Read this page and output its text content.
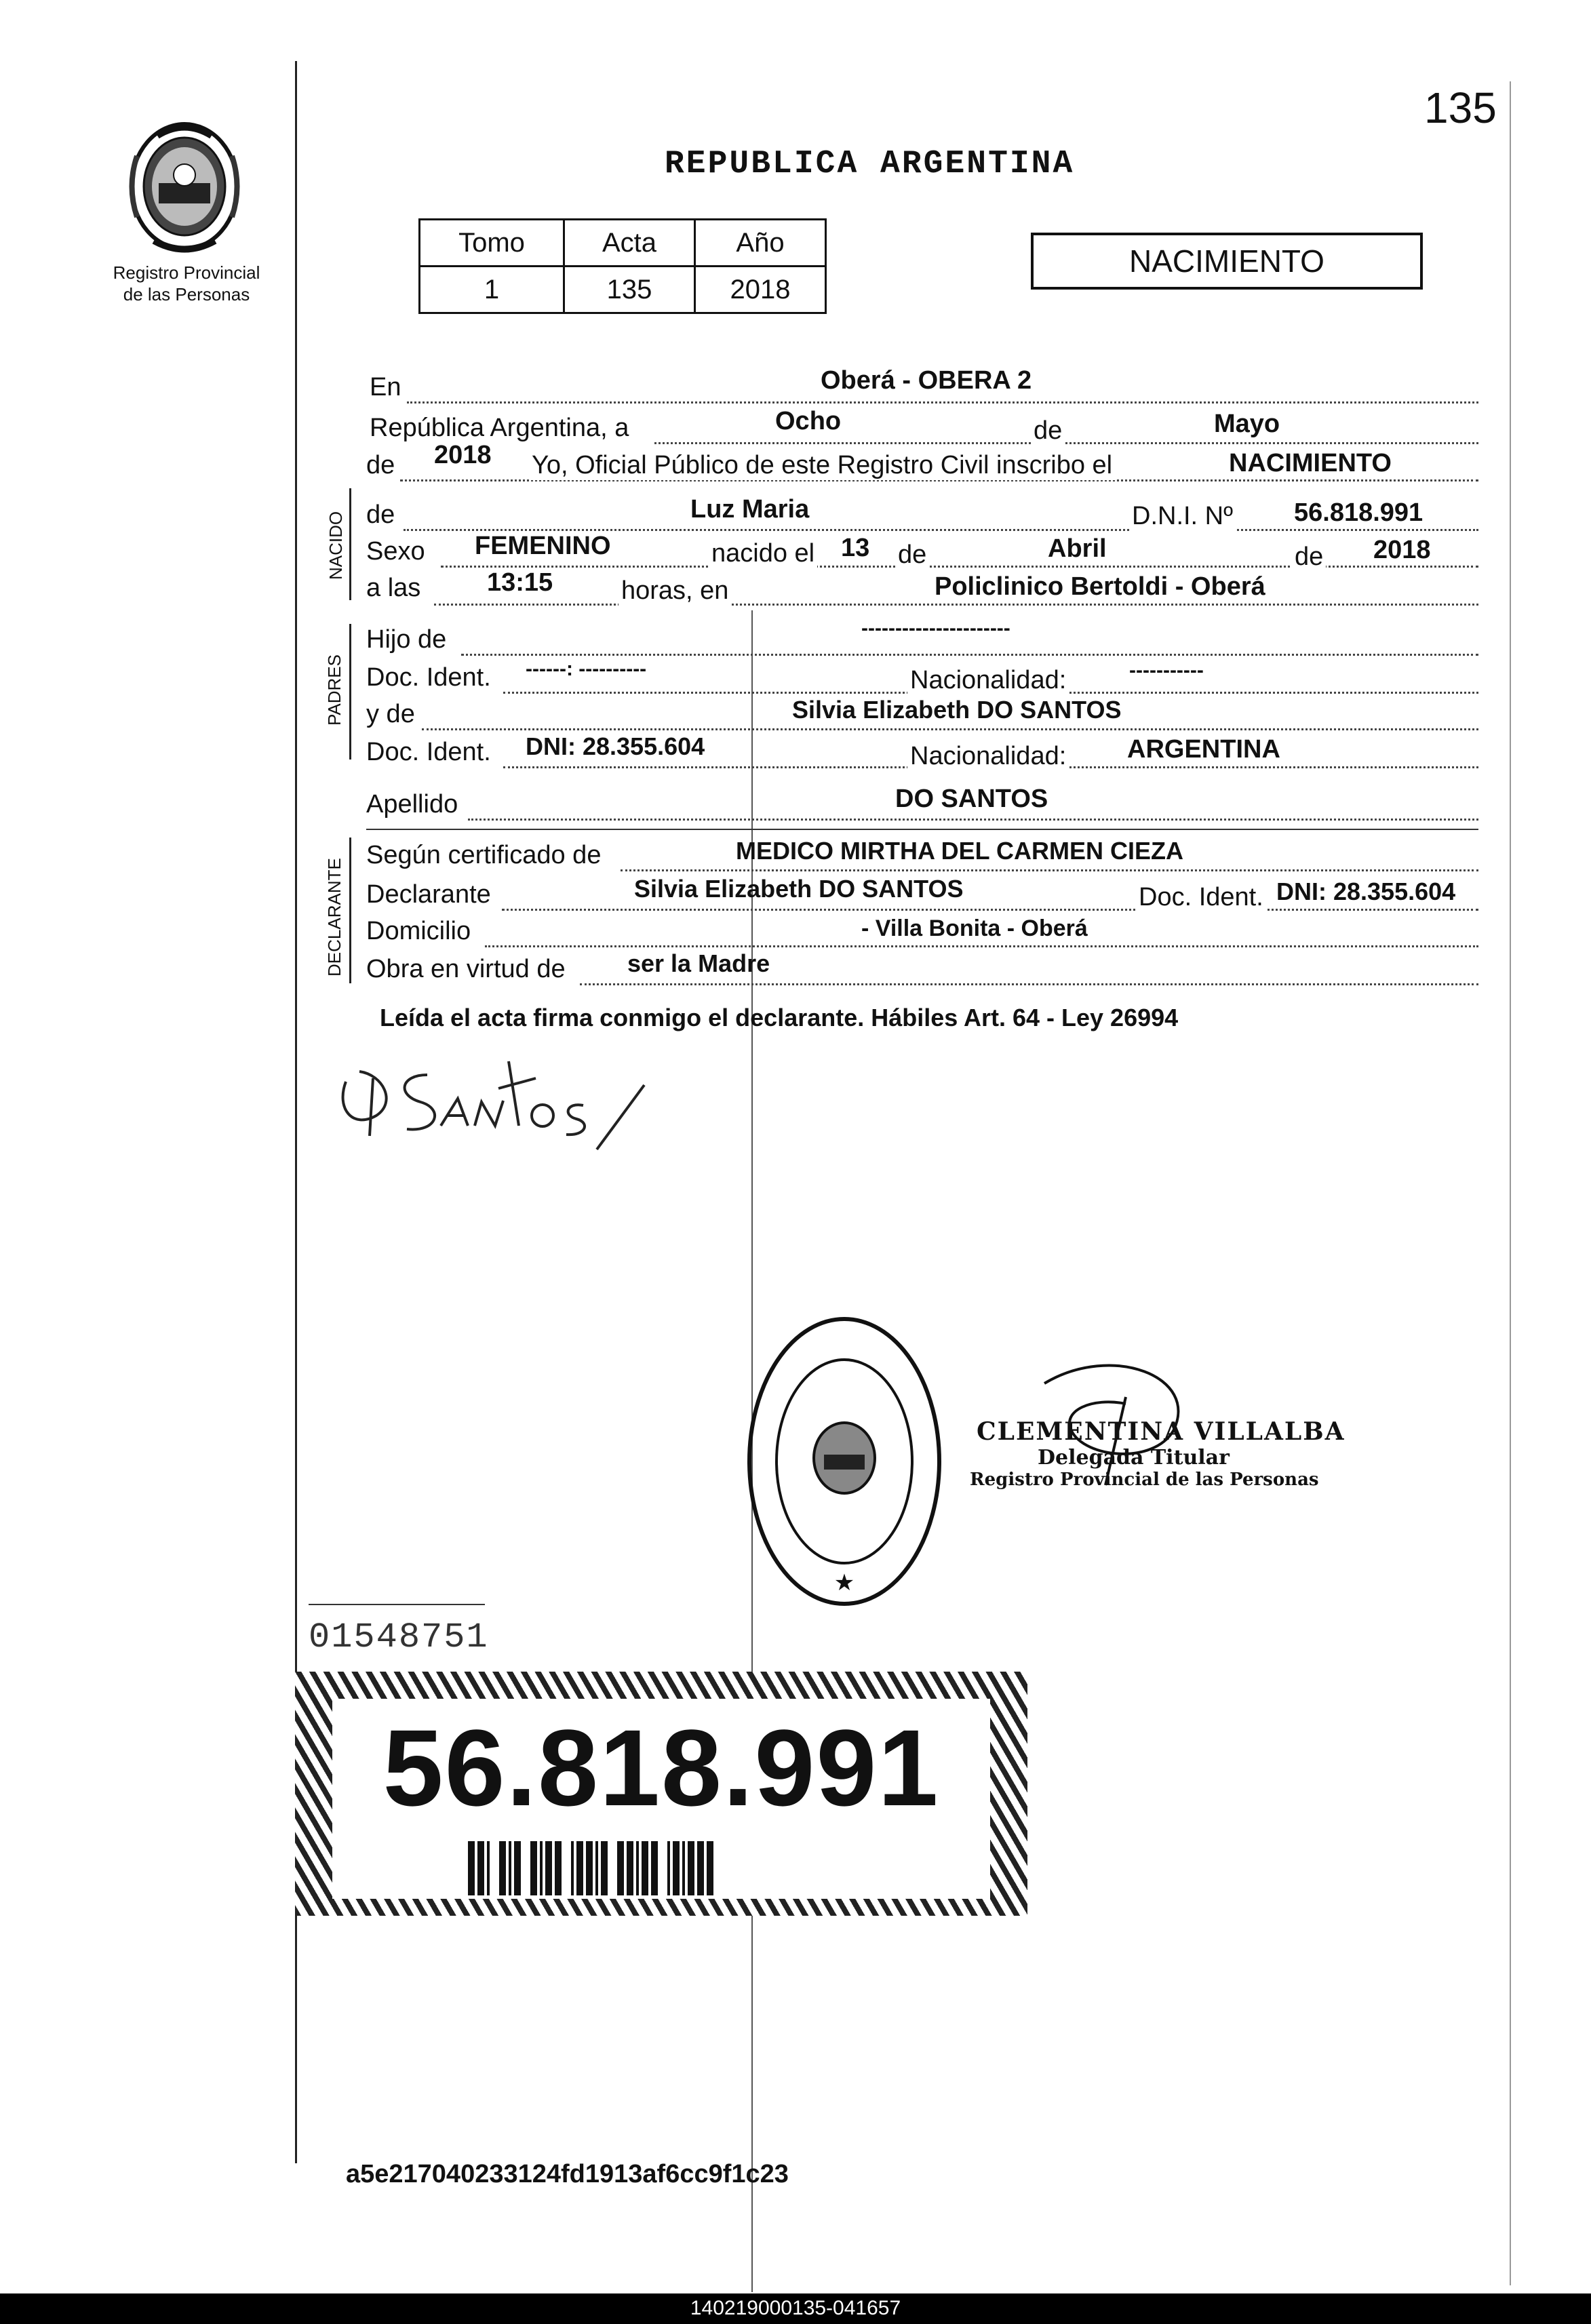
135
REPUBLICA ARGENTINA
Registro Provincial
de las Personas
Tomo	Acta	Año
1	135	2018
NACIMIENTO
En	Oberá - OBERA 2
República Argentina, a	Ocho	de	Mayo
de 2018 Yo, Oficial Público de este Registro Civil inscribo el	NACIMIENTO
NACIDO de	Luz Maria	D.N.I. Nº 56.818.991
Sexo FEMENINO	nacido el 13 de	Abril	de 2018
a las	13:15	horas, en	Policlinico Bertoldi - Oberá
PADRES
Hijo de	----------------------
Doc. Ident. ------: ----------	Nacionalidad:	-----------
y de	Silvia Elizabeth DO SANTOS
Doc. Ident. DNI: 28.355.604	Nacionalidad: ARGENTINA
Apellido	DO SANTOS
DECLARANTE
Según certificado de	MEDICO MIRTHA DEL CARMEN CIEZA
Declarante	Silvia Elizabeth DO SANTOS	Doc. Ident. DNI: 28.355.604
Domicilio	- Villa Bonita - Oberá
Obra en virtud de	ser la Madre
Leída el acta firma conmigo el declarante. Hábiles Art. 64 - Ley 26994
★
CLEMENTINA VILLALBA
Delegada Titular
Registro Provincial de las Personas
01548751
56.818.991
a5e217040233124fd1913af6cc9f1c23
140219000135-041657
